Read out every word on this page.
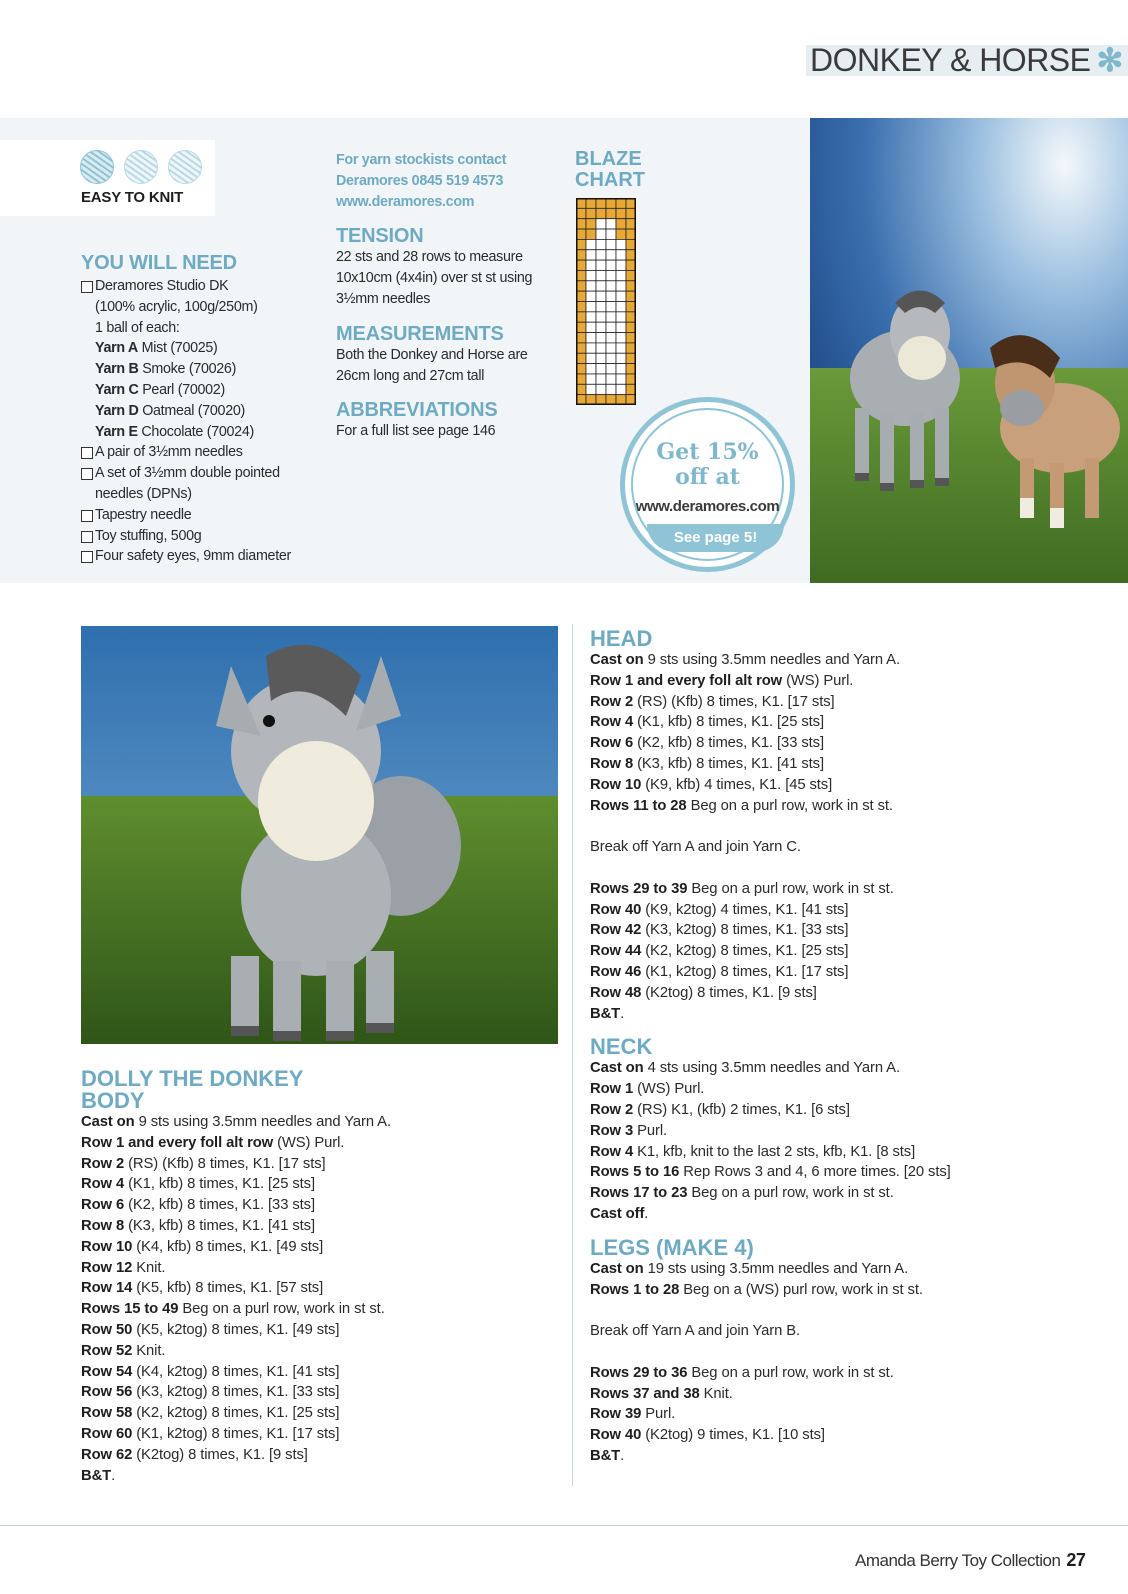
DONKEY & HORSE ✻
EASY TO KNIT
YOU WILL NEED
Deramores Studio DK
(100% acrylic, 100g/250m)
1 ball of each:
Yarn A Mist (70025)
Yarn B Smoke (70026)
Yarn C Pearl (70002)
Yarn D Oatmeal (70020)
Yarn E Chocolate (70024)
A pair of 3½mm needles
A set of 3½mm double pointed
needles (DPNs)
Tapestry needle
Toy stuffing, 500g
Four safety eyes, 9mm diameter
For yarn stockists contact
Deramores 0845 519 4573
www.deramores.com
TENSION

22 sts and 28 rows to measure 10x10cm (4x4in) over st st using 3½mm needles

MEASUREMENTS

Both the Donkey and Horse are 26cm long and 27cm tall

ABBREVIATIONS

For a full list see page 146

BLAZE
CHART
Get 15%
off at
www.deramores.com
See page 5!
DOLLY THE DONKEY
BODY
Cast on 9 sts using 3.5mm needles and Yarn A.
Row 1 and every foll alt row (WS) Purl.
Row 2 (RS) (Kfb) 8 times, K1. [17 sts]
Row 4 (K1, kfb) 8 times, K1. [25 sts]
Row 6 (K2, kfb) 8 times, K1. [33 sts]
Row 8 (K3, kfb) 8 times, K1. [41 sts]
Row 10 (K4, kfb) 8 times, K1. [49 sts]
Row 12 Knit.
Row 14 (K5, kfb) 8 times, K1. [57 sts]
Rows 15 to 49 Beg on a purl row, work in st st.
Row 50 (K5, k2tog) 8 times, K1. [49 sts]
Row 52 Knit.
Row 54 (K4, k2tog) 8 times, K1. [41 sts]
Row 56 (K3, k2tog) 8 times, K1. [33 sts]
Row 58 (K2, k2tog) 8 times, K1. [25 sts]
Row 60 (K1, k2tog) 8 times, K1. [17 sts]
Row 62 (K2tog) 8 times, K1. [9 sts]
B&T.
HEAD
Cast on 9 sts using 3.5mm needles and Yarn A.
Row 1 and every foll alt row (WS) Purl.
Row 2 (RS) (Kfb) 8 times, K1. [17 sts]
Row 4 (K1, kfb) 8 times, K1. [25 sts]
Row 6 (K2, kfb) 8 times, K1. [33 sts]
Row 8 (K3, kfb) 8 times, K1. [41 sts]
Row 10 (K9, kfb) 4 times, K1. [45 sts]
Rows 11 to 28 Beg on a purl row, work in st st.
Break off Yarn A and join Yarn C.
Rows 29 to 39 Beg on a purl row, work in st st.
Row 40 (K9, k2tog) 4 times, K1. [41 sts]
Row 42 (K3, k2tog) 8 times, K1. [33 sts]
Row 44 (K2, k2tog) 8 times, K1. [25 sts]
Row 46 (K1, k2tog) 8 times, K1. [17 sts]
Row 48 (K2tog) 8 times, K1. [9 sts]
B&T.
NECK
Cast on 4 sts using 3.5mm needles and Yarn A.
Row 1 (WS) Purl.
Row 2 (RS) K1, (kfb) 2 times, K1. [6 sts]
Row 3 Purl.
Row 4 K1, kfb, knit to the last 2 sts, kfb, K1. [8 sts]
Rows 5 to 16 Rep Rows 3 and 4, 6 more times. [20 sts]
Rows 17 to 23 Beg on a purl row, work in st st.
Cast off.
LEGS (MAKE 4)
Cast on 19 sts using 3.5mm needles and Yarn A.
Rows 1 to 28 Beg on a (WS) purl row, work in st st.
Break off Yarn A and join Yarn B.
Rows 29 to 36 Beg on a purl row, work in st st.
Rows 37 and 38 Knit.
Row 39 Purl.
Row 40 (K2tog) 9 times, K1. [10 sts]
B&T.
Amanda Berry Toy Collection 27
